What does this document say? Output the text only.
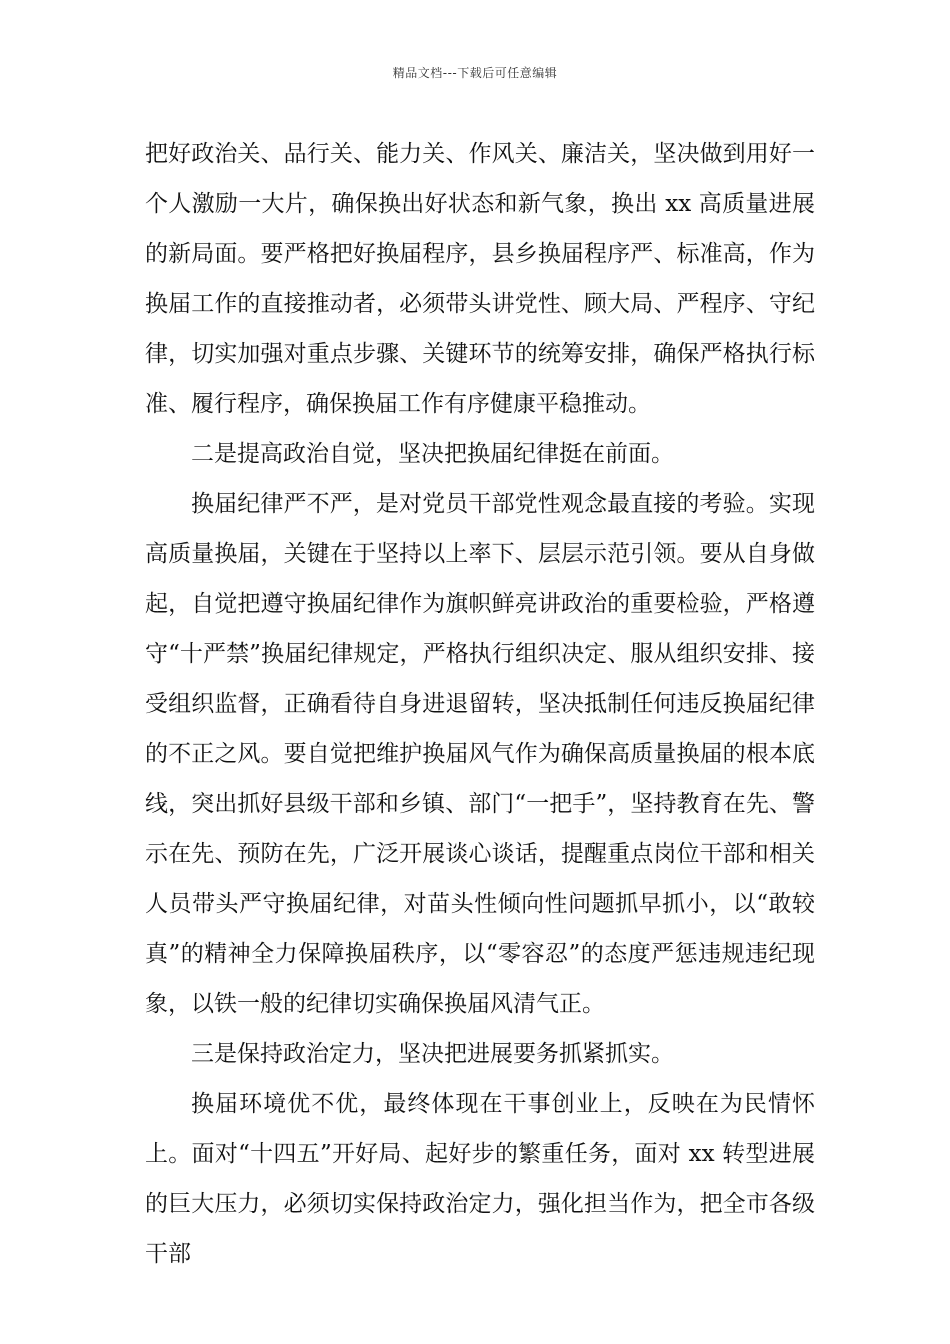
精品文档---下载后可任意编辑

把好政治关、品行关、能力关、作风关、廉洁关，坚决做到用好一个人激励一大片，确保换出好状态和新气象，换出 xx 高质量进展的新局面。要严格把好换届程序，县乡换届程序严、标准高，作为换届工作的直接推动者，必须带头讲党性、顾大局、严程序、守纪律，切实加强对重点步骤、关键环节的统筹安排，确保严格执行标准、履行程序，确保换届工作有序健康平稳推动。

二是提高政治自觉，坚决把换届纪律挺在前面。

换届纪律严不严，是对党员干部党性观念最直接的考验。实现高质量换届，关键在于坚持以上率下、层层示范引领。要从自身做起，自觉把遵守换届纪律作为旗帜鲜亮讲政治的重要检验，严格遵守“十严禁”换届纪律规定，严格执行组织决定、服从组织安排、接受组织监督，正确看待自身进退留转，坚决抵制任何违反换届纪律的不正之风。要自觉把维护换届风气作为确保高质量换届的根本底线，突出抓好县级干部和乡镇、部门“一把手”，坚持教育在先、警示在先、预防在先，广泛开展谈心谈话，提醒重点岗位干部和相关人员带头严守换届纪律，对苗头性倾向性问题抓早抓小，以“敢较真”的精神全力保障换届秩序，以“零容忍”的态度严惩违规违纪现象，以铁一般的纪律切实确保换届风清气正。

三是保持政治定力，坚决把进展要务抓紧抓实。

换届环境优不优，最终体现在干事创业上，反映在为民情怀上。面对“十四五”开好局、起好步的繁重任务，面对 xx 转型进展的巨大压力，必须切实保持政治定力，强化担当作为，把全市各级干部
